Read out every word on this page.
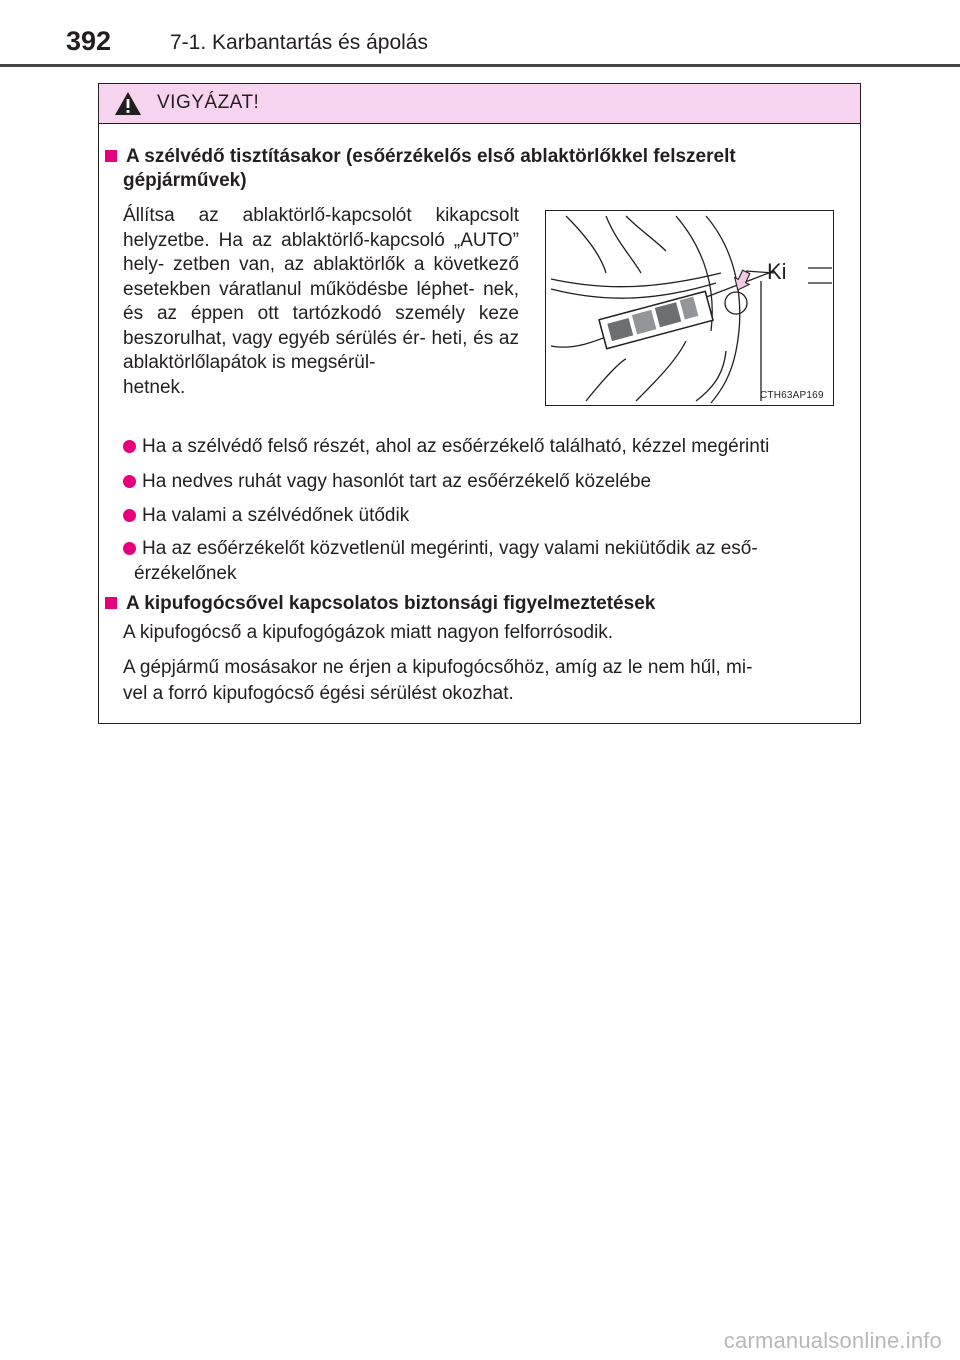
392	7-1. Karbantartás és ápolás
VIGYÁZAT!
A szélvédő tisztításakor (esőérzékelős első ablaktörlőkkel felszerelt
gépjárművek)
Állítsa az ablaktörlő-kapcsolót kikapcsolt helyzetbe. Ha az ablaktörlő-kapcsoló „AUTO” hely- zetben van, az ablaktörlők a következő esetekben váratlanul működésbe léphet- nek, és az éppen ott tartózkodó személy keze beszorulhat, vagy egyéb sérülés ér- heti, és az ablaktörlőlapátok is megsérül-
hetnek.
Ki
CTH63AP169
Ha a szélvédő felső részét, ahol az esőérzékelő található, kézzel megérinti
Ha nedves ruhát vagy hasonlót tart az esőérzékelő közelébe
Ha valami a szélvédőnek ütődik
Ha az esőérzékelőt közvetlenül megérinti, vagy valami nekiütődik az eső-
érzékelőnek
A kipufogócsővel kapcsolatos biztonsági figyelmeztetések
A kipufogócső a kipufogógázok miatt nagyon felforrósodik.
A gépjármű mosásakor ne érjen a kipufogócsőhöz, amíg az le nem hűl, mi-
vel a forró kipufogócső égési sérülést okozhat.
carmanualsonline.info
